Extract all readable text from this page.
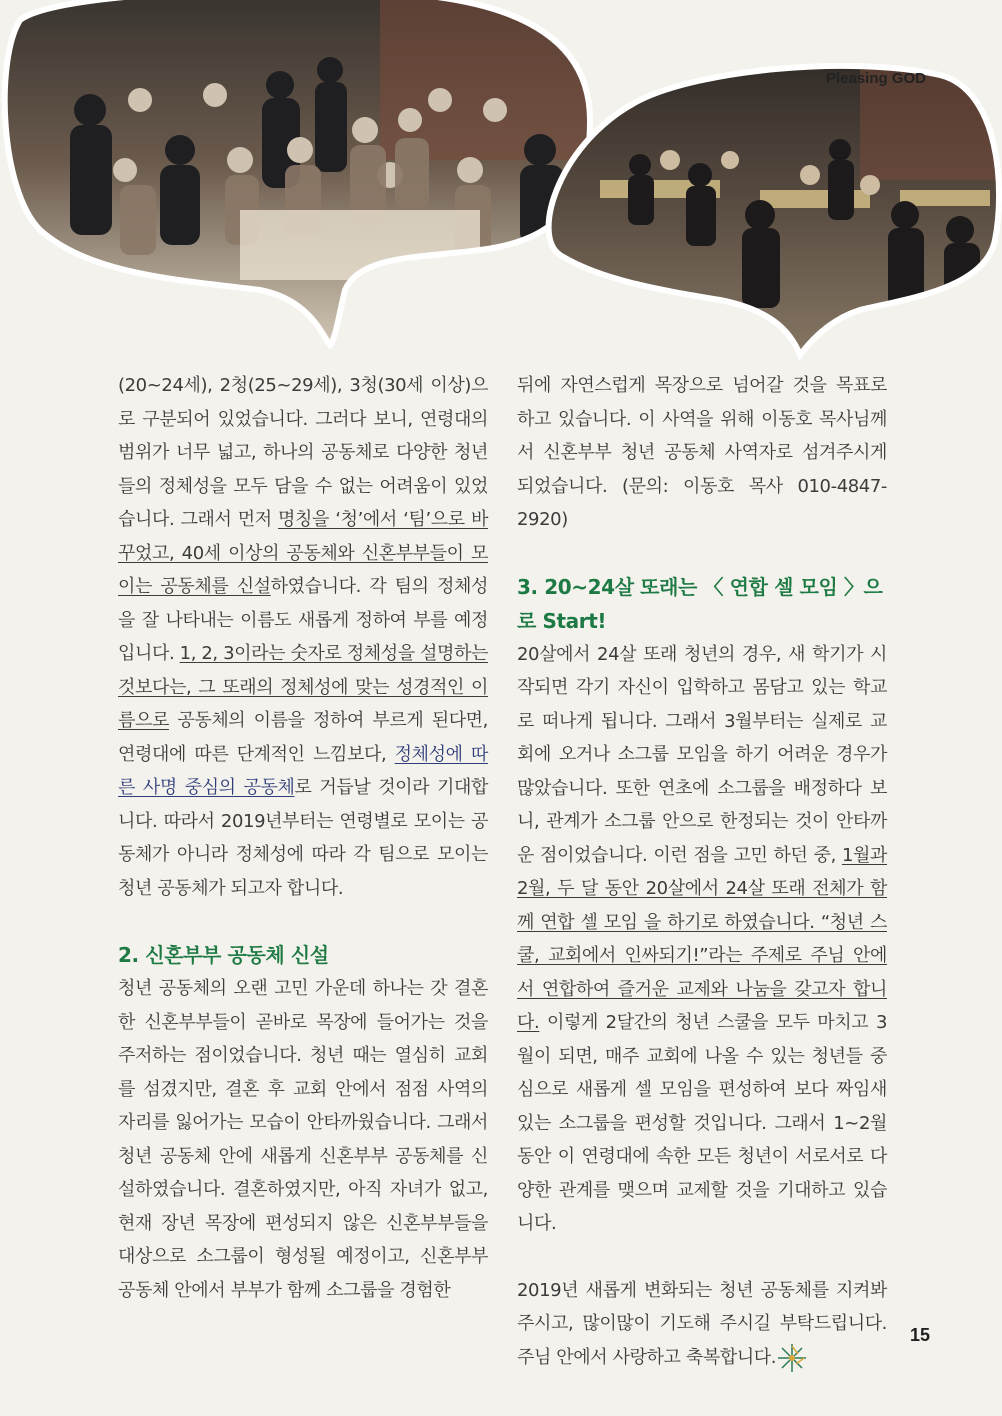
Pleasing GOD

(20~24세), 2청(25~29세), 3청(30세 이상)으로 구분되어 있었습니다. 그러다 보니, 연령대의 범위가 너무 넓고, 하나의 공동체로 다양한 청년들의 정체성을 모두 담을 수 없는 어려움이 있었습니다. 그래서 먼저 명칭을 ‘청’에서 ‘팀’으로 바꾸었고, 40세 이상의 공동체와 신혼부부들이 모이는 공동체를 신설하였습니다. 각 팀의 정체성을 잘 나타내는 이름도 새롭게 정하여 부를 예정입니다. 1, 2, 3이라는 숫자로 정체성을 설명하는 것보다는, 그 또래의 정체성에 맞는 성경적인 이름으로 공동체의 이름을 정하여 부르게 된다면, 연령대에 따른 단계적인 느낌보다, 정체성에 따른 사명 중심의 공동체로 거듭날 것이라 기대합니다. 따라서 2019년부터는 연령별로 모이는 공동체가 아니라 정체성에 따라 각 팀으로 모이는 청년 공동체가 되고자 합니다.

2. 신혼부부 공동체 신설

청년 공동체의 오랜 고민 가운데 하나는 갓 결혼한 신혼부부들이 곧바로 목장에 들어가는 것을 주저하는 점이었습니다. 청년 때는 열심히 교회를 섬겼지만, 결혼 후 교회 안에서 점점 사역의 자리를 잃어가는 모습이 안타까웠습니다. 그래서 청년 공동체 안에 새롭게 신혼부부 공동체를 신설하였습니다. 결혼하였지만, 아직 자녀가 없고, 현재 장년 목장에 편성되지 않은 신혼부부들을 대상으로 소그룹이 형성될 예정이고, 신혼부부 공동체 안에서 부부가 함께 소그룹을 경험한

뒤에 자연스럽게 목장으로 넘어갈 것을 목표로 하고 있습니다. 이 사역을 위해 이동호 목사님께서 신혼부부 청년 공동체 사역자로 섬겨주시게 되었습니다. (문의: 이동호 목사 010-4847-2920)

3. 20~24살 또래는 〈 연합 셀 모임 〉으로 Start!

20살에서 24살 또래 청년의 경우, 새 학기가 시작되면 각기 자신이 입학하고 몸담고 있는 학교로 떠나게 됩니다. 그래서 3월부터는 실제로 교회에 오거나 소그룹 모임을 하기 어려운 경우가 많았습니다. 또한 연초에 소그룹을 배정하다 보니, 관계가 소그룹 안으로 한정되는 것이 안타까운 점이었습니다. 이런 점을 고민 하던 중, 1월과 2월, 두 달 동안 20살에서 24살 또래 전체가 함께 연합 셀 모임 을 하기로 하였습니다. “청년 스쿨, 교회에서 인싸되기!”라는 주제로 주님 안에서 연합하여 즐거운 교제와 나눔을 갖고자 합니다. 이렇게 2달간의 청년 스쿨을 모두 마치고 3월이 되면, 매주 교회에 나올 수 있는 청년들 중심으로 새롭게 셀 모임을 편성하여 보다 짜임새 있는 소그룹을 편성할 것입니다. 그래서 1~2월 동안 이 연령대에 속한 모든 청년이 서로서로 다양한 관계를 맺으며 교제할 것을 기대하고 있습니다.

2019년 새롭게 변화되는 청년 공동체를 지켜봐 주시고, 많이많이 기도해 주시길 부탁드립니다. 주님 안에서 사랑하고 축복합니다.

15
